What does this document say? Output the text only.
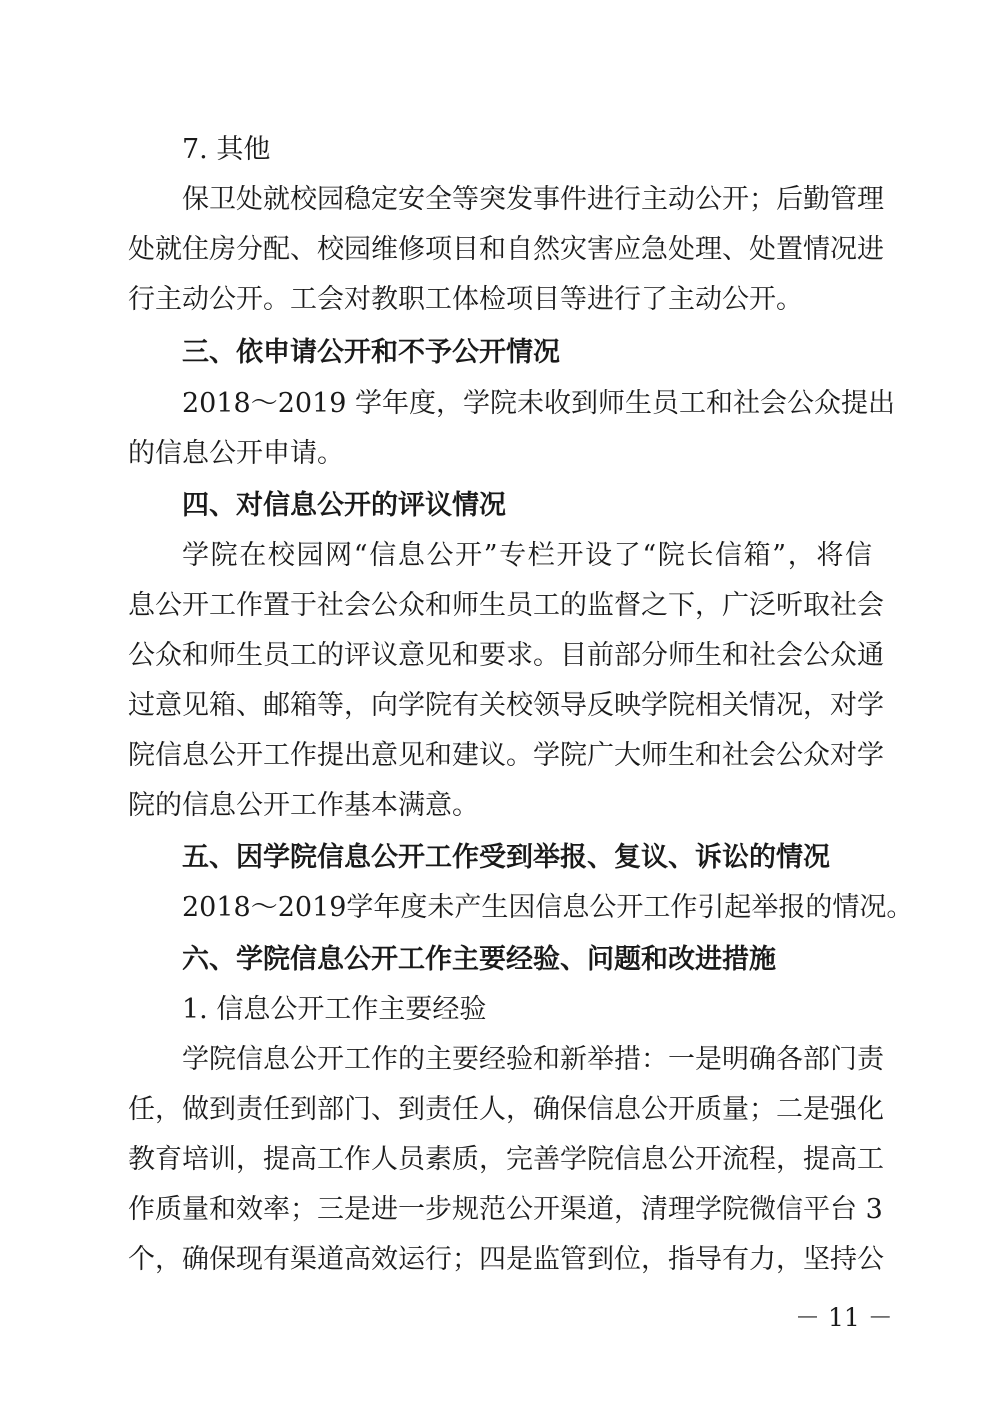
7. 其他
保卫处就校园稳定安全等突发事件进行主动公开；后勤管理
处就住房分配、校园维修项目和自然灾害应急处理、处置情况进
行主动公开。工会对教职工体检项目等进行了主动公开。
三、依申请公开和不予公开情况
2018～2019 学年度，学院未收到师生员工和社会公众提出
的信息公开申请。
四、对信息公开的评议情况
学院在校园网“信息公开”专栏开设了“院长信箱”，将信
息公开工作置于社会公众和师生员工的监督之下，广泛听取社会
公众和师生员工的评议意见和要求。目前部分师生和社会公众通
过意见箱、邮箱等，向学院有关校领导反映学院相关情况，对学
院信息公开工作提出意见和建议。学院广大师生和社会公众对学
院的信息公开工作基本满意。
五、因学院信息公开工作受到举报、复议、诉讼的情况
2018～2019学年度未产生因信息公开工作引起举报的情况。
六、学院信息公开工作主要经验、问题和改进措施
1. 信息公开工作主要经验
学院信息公开工作的主要经验和新举措：一是明确各部门责
任，做到责任到部门、到责任人，确保信息公开质量；二是强化
教育培训，提高工作人员素质，完善学院信息公开流程，提高工
作质量和效率；三是进一步规范公开渠道，清理学院微信平台 3
个，确保现有渠道高效运行；四是监管到位，指导有力，坚持公
－ 11 －
